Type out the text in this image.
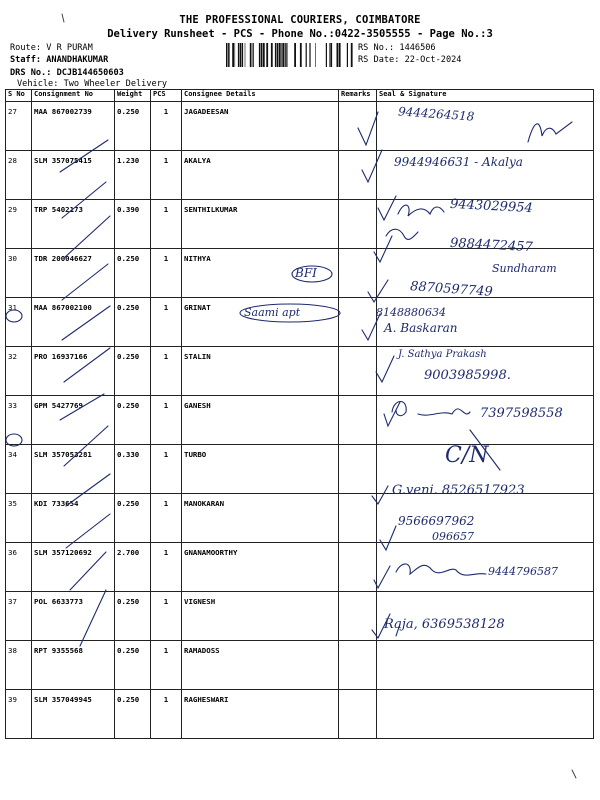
THE PROFESSIONAL COURIERS, COIMBATORE
Delivery Runsheet - PCS - Phone No.:0422-3505555 - Page No.:3
Route: V R PURAM
Staff: ANANDHAKUMAR
DRS No.: DCJB144650603
Vehicle: Two Wheeler Delivery
RS No.: 1446506
RS Date: 22-Oct-2024
S No	Consignment No	Weight	PCS	Consignee Details	Remarks	Seal & Signature
27	MAA 867002739	0.250	1	JAGADEESAN		
28	SLM 357075415	1.230	1	AKALYA		
29	TRP 5402173	0.390	1	SENTHILKUMAR		
30	TDR 200046627	0.250	1	NITHYA		
31	MAA 867002100	0.250	1	GRINAT		
32	PRO 16937166	0.250	1	STALIN		
33	GPM 5427769	0.250	1	GANESH		
34	SLM 357053281	0.330	1	TURBO		
35	KDI 733654	0.250	1	MANOKARAN		
36	SLM 357120692	2.700	1	GNANAMOORTHY		
37	POL 6633773	0.250	1	VIGNESH		
38	RPT 9355568	0.250	1	RAMADOSS		
39	SLM 357049945	0.250	1	RAGHESWARI		
9444264518
9944946631 - Akalya
9443029954
9884472457
BFI	Sundharam
8870597749
Saami apt	8148880634
A. Baskaran
J. Sathya Prakash
9003985998.
7397598558
C/N
G.veni. 8526517923
9566697962
096657
9444796587
Raja, 6369538128
